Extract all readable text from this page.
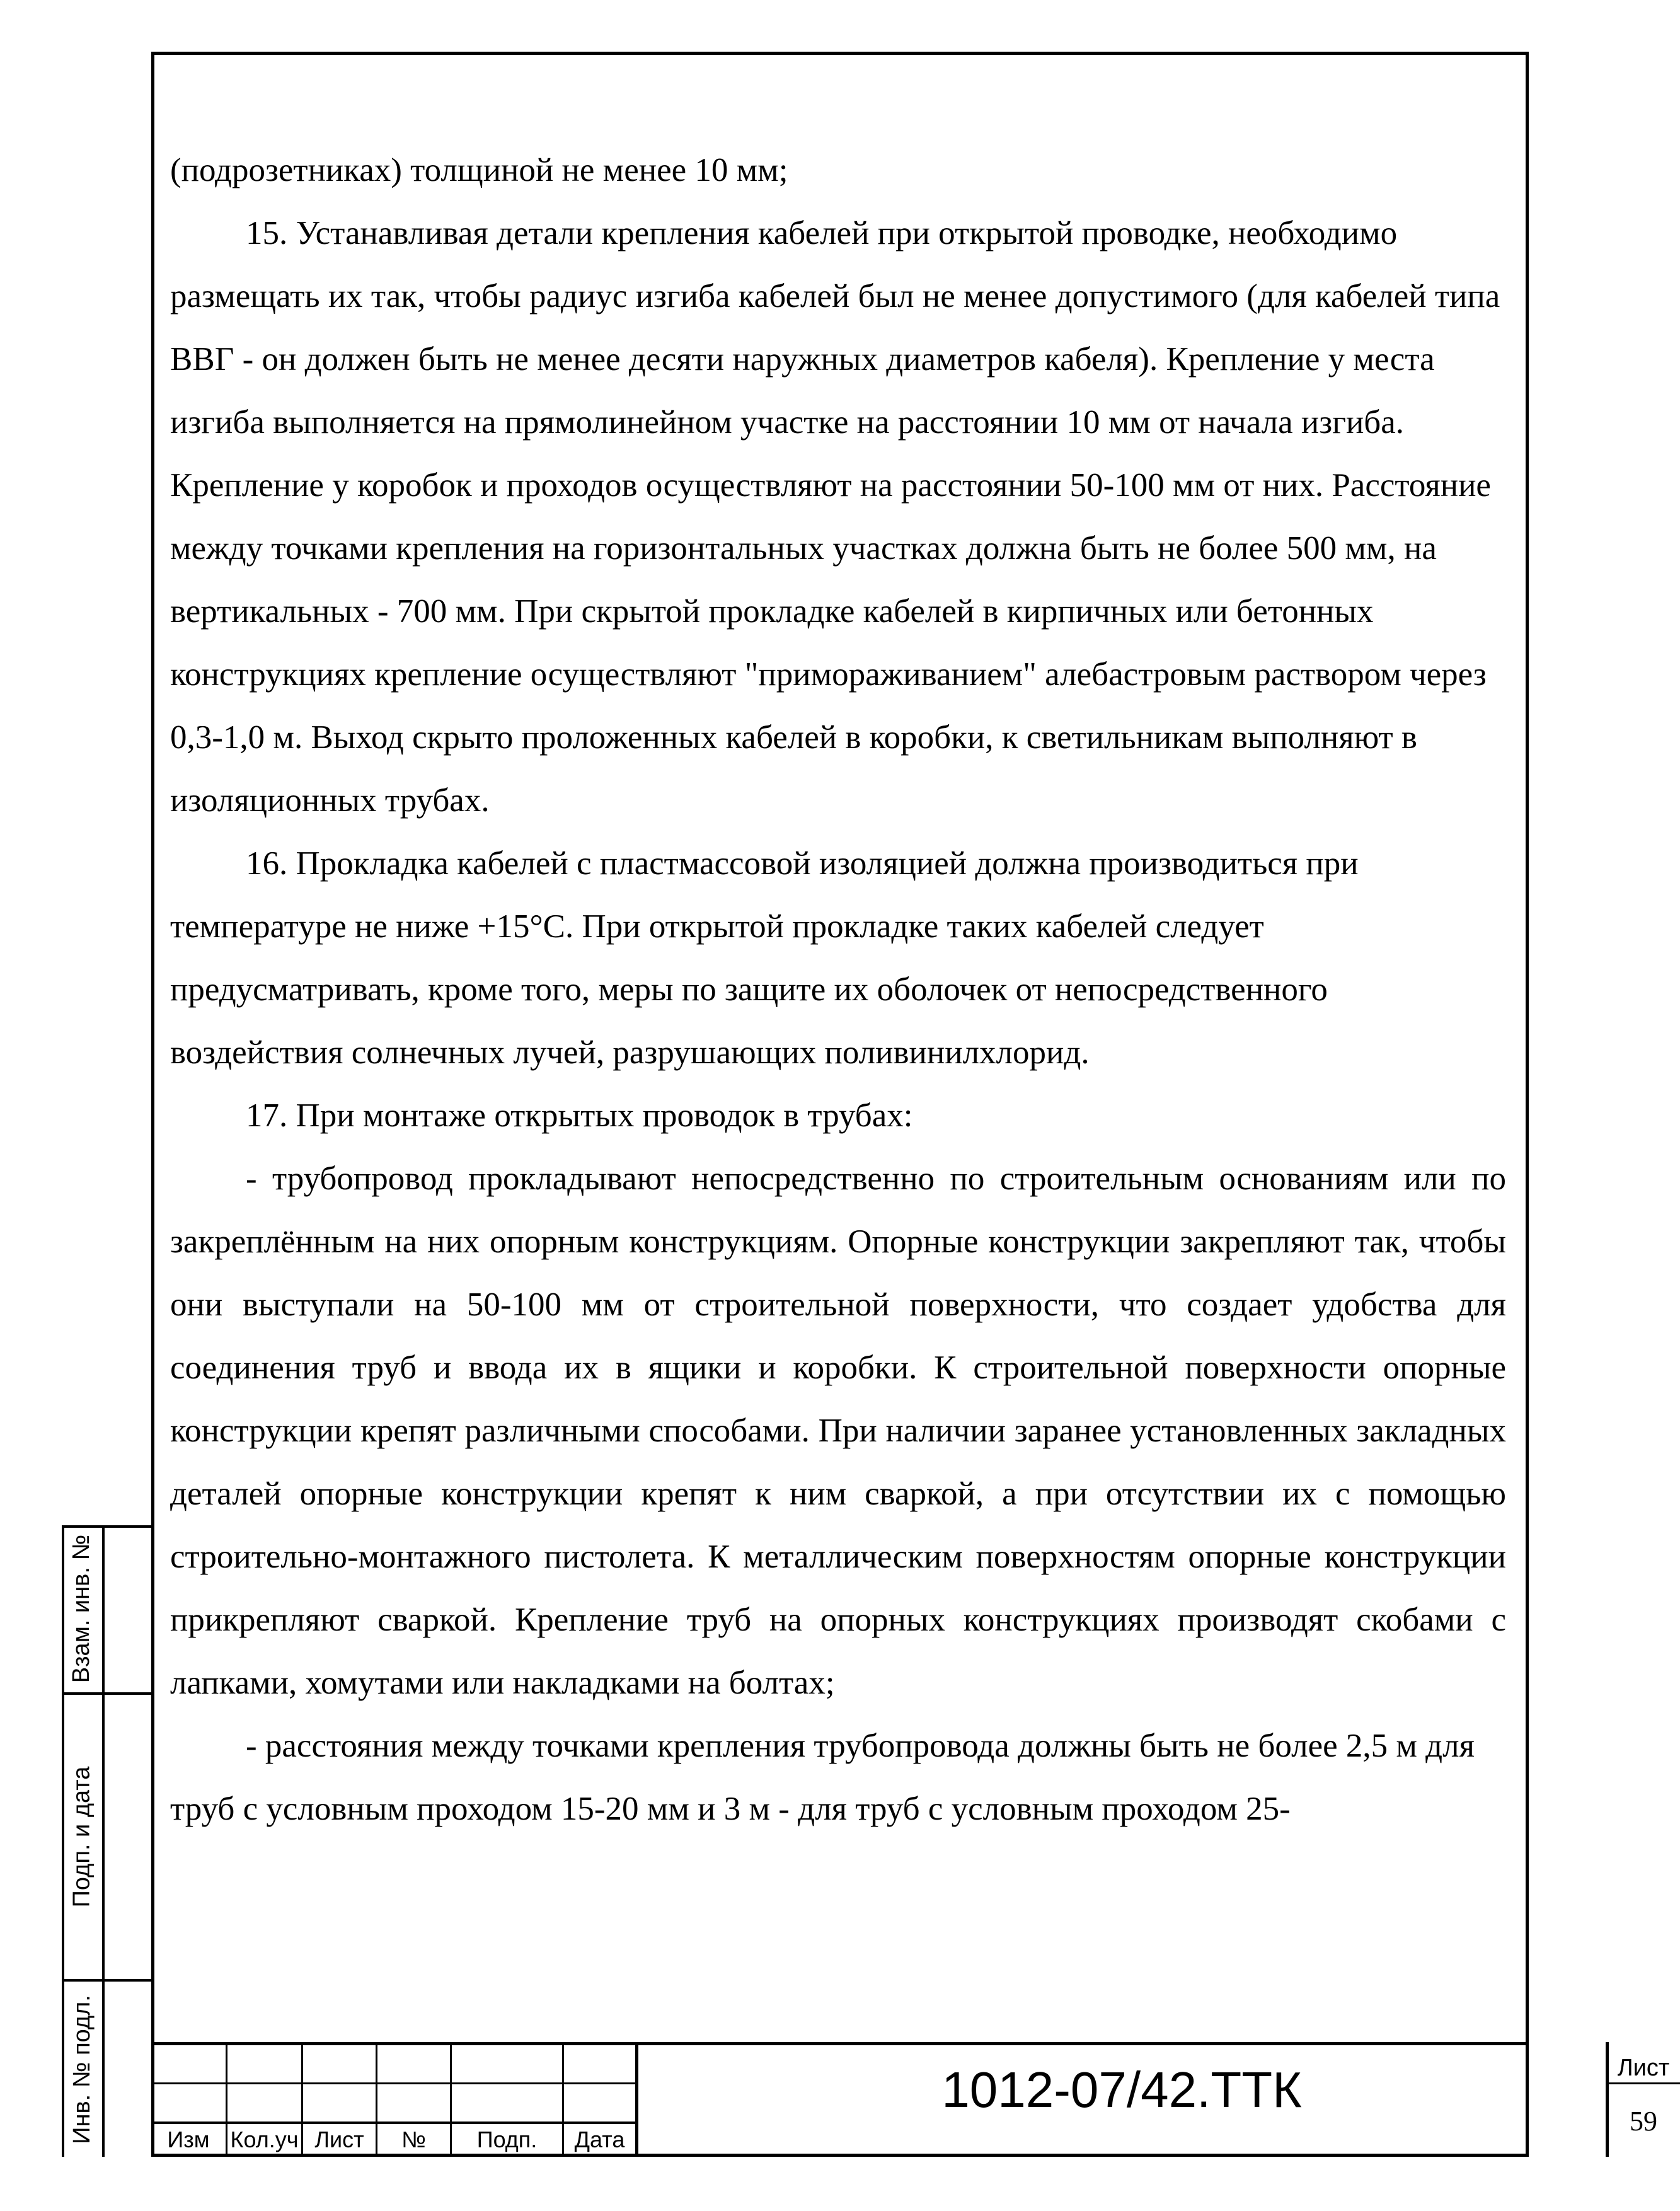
(подрозетниках) толщиной не менее 10 мм;

15. Устанавливая детали крепления кабелей при открытой проводке, необходимо размещать их так, чтобы радиус изгиба кабелей был не менее допустимого (для кабелей типа ВВГ - он должен быть не менее десяти наружных диаметров кабеля). Крепление у места изгиба выполняется на прямолинейном участке на расстоянии 10 мм от начала изгиба. Крепление у коробок и проходов осуществляют на расстоянии 50-100 мм от них. Расстояние между точками крепления на горизонтальных участках должна быть не более 500 мм, на вертикальных - 700 мм. При скрытой прокладке кабелей в кирпичных или бетонных конструкциях крепление осуществляют "примораживанием" алебастровым раствором через 0,3-1,0 м. Выход скрыто проложенных кабелей в коробки, к светильникам выполняют в изоляционных трубах.

16. Прокладка кабелей с пластмассовой изоляцией должна производиться при температуре не ниже +15°С. При открытой прокладке таких кабелей следует предусматривать, кроме того, меры по защите их оболочек от непосредственного воздействия солнечных лучей, разрушающих поливинилхлорид.

17. При монтаже открытых проводок в трубах:

- трубопровод прокладывают непосредственно по строительным основаниям или по закреплённым на них опорным конструкциям. Опорные конструкции закрепляют так, чтобы они выступали на 50-100 мм от строительной поверхности, что создает удобства для соединения труб и ввода их в ящики и коробки. К строительной поверхности опорные конструкции крепят различными способами. При наличии заранее установленных закладных деталей опорные конструкции крепят к ним сваркой, а при отсутствии их с помощью строительно-монтажного пистолета. К металлическим поверхностям опорные конструкции прикрепляют сваркой. Крепление труб на опорных конструкциях производят скобами с лапками, хомутами или накладками на болтах;

- расстояния между точками крепления трубопровода должны быть не более 2,5 м для труб с условным проходом 15-20 мм и 3 м - для труб с условным проходом 25-

Взам. инв. №
Подп. и дата
Инв. № подл.	Изм Кол.уч Лист	№	Подп.	Дата
1012-07/42.ТТК	Лист
59
